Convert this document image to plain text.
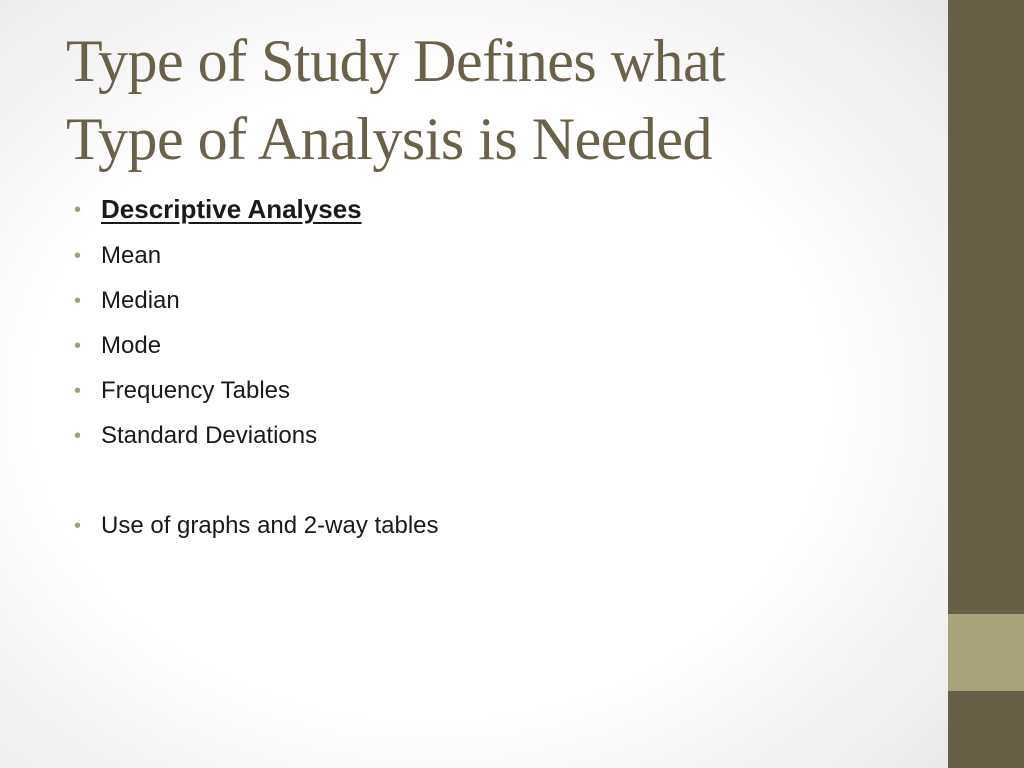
Type of Study Defines what
Type of Analysis is Needed
• Descriptive Analyses
• Mean
• Median
• Mode
• Frequency Tables
• Standard Deviations
• Use of graphs and 2-way tables
